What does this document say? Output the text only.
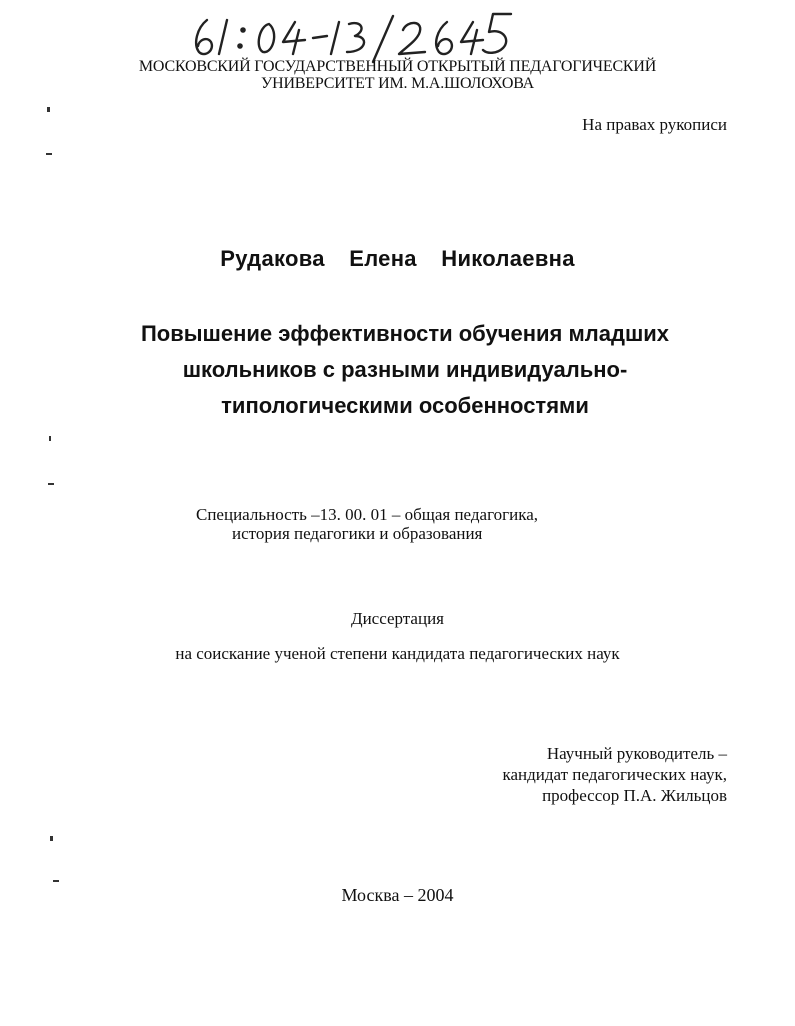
МОСКОВСКИЙ ГОСУДАРСТВЕННЫЙ ОТКРЫТЫЙ ПЕДАГОГИЧЕСКИЙ
УНИВЕРСИТЕТ ИМ. М.А.ШОЛОХОВА
На правах рукописи
Рудакова Елена Николаевна
Повышение эффективности обучения младших
школьников с разными индивидуально-
типологическими особенностями
Специальность –13. 00. 01 – общая педагогика,
история педагогики и образования
Диссертация
на соискание ученой степени кандидата педагогических наук
Научный руководитель –
кандидат педагогических наук,
профессор П.А. Жильцов
Москва – 2004
